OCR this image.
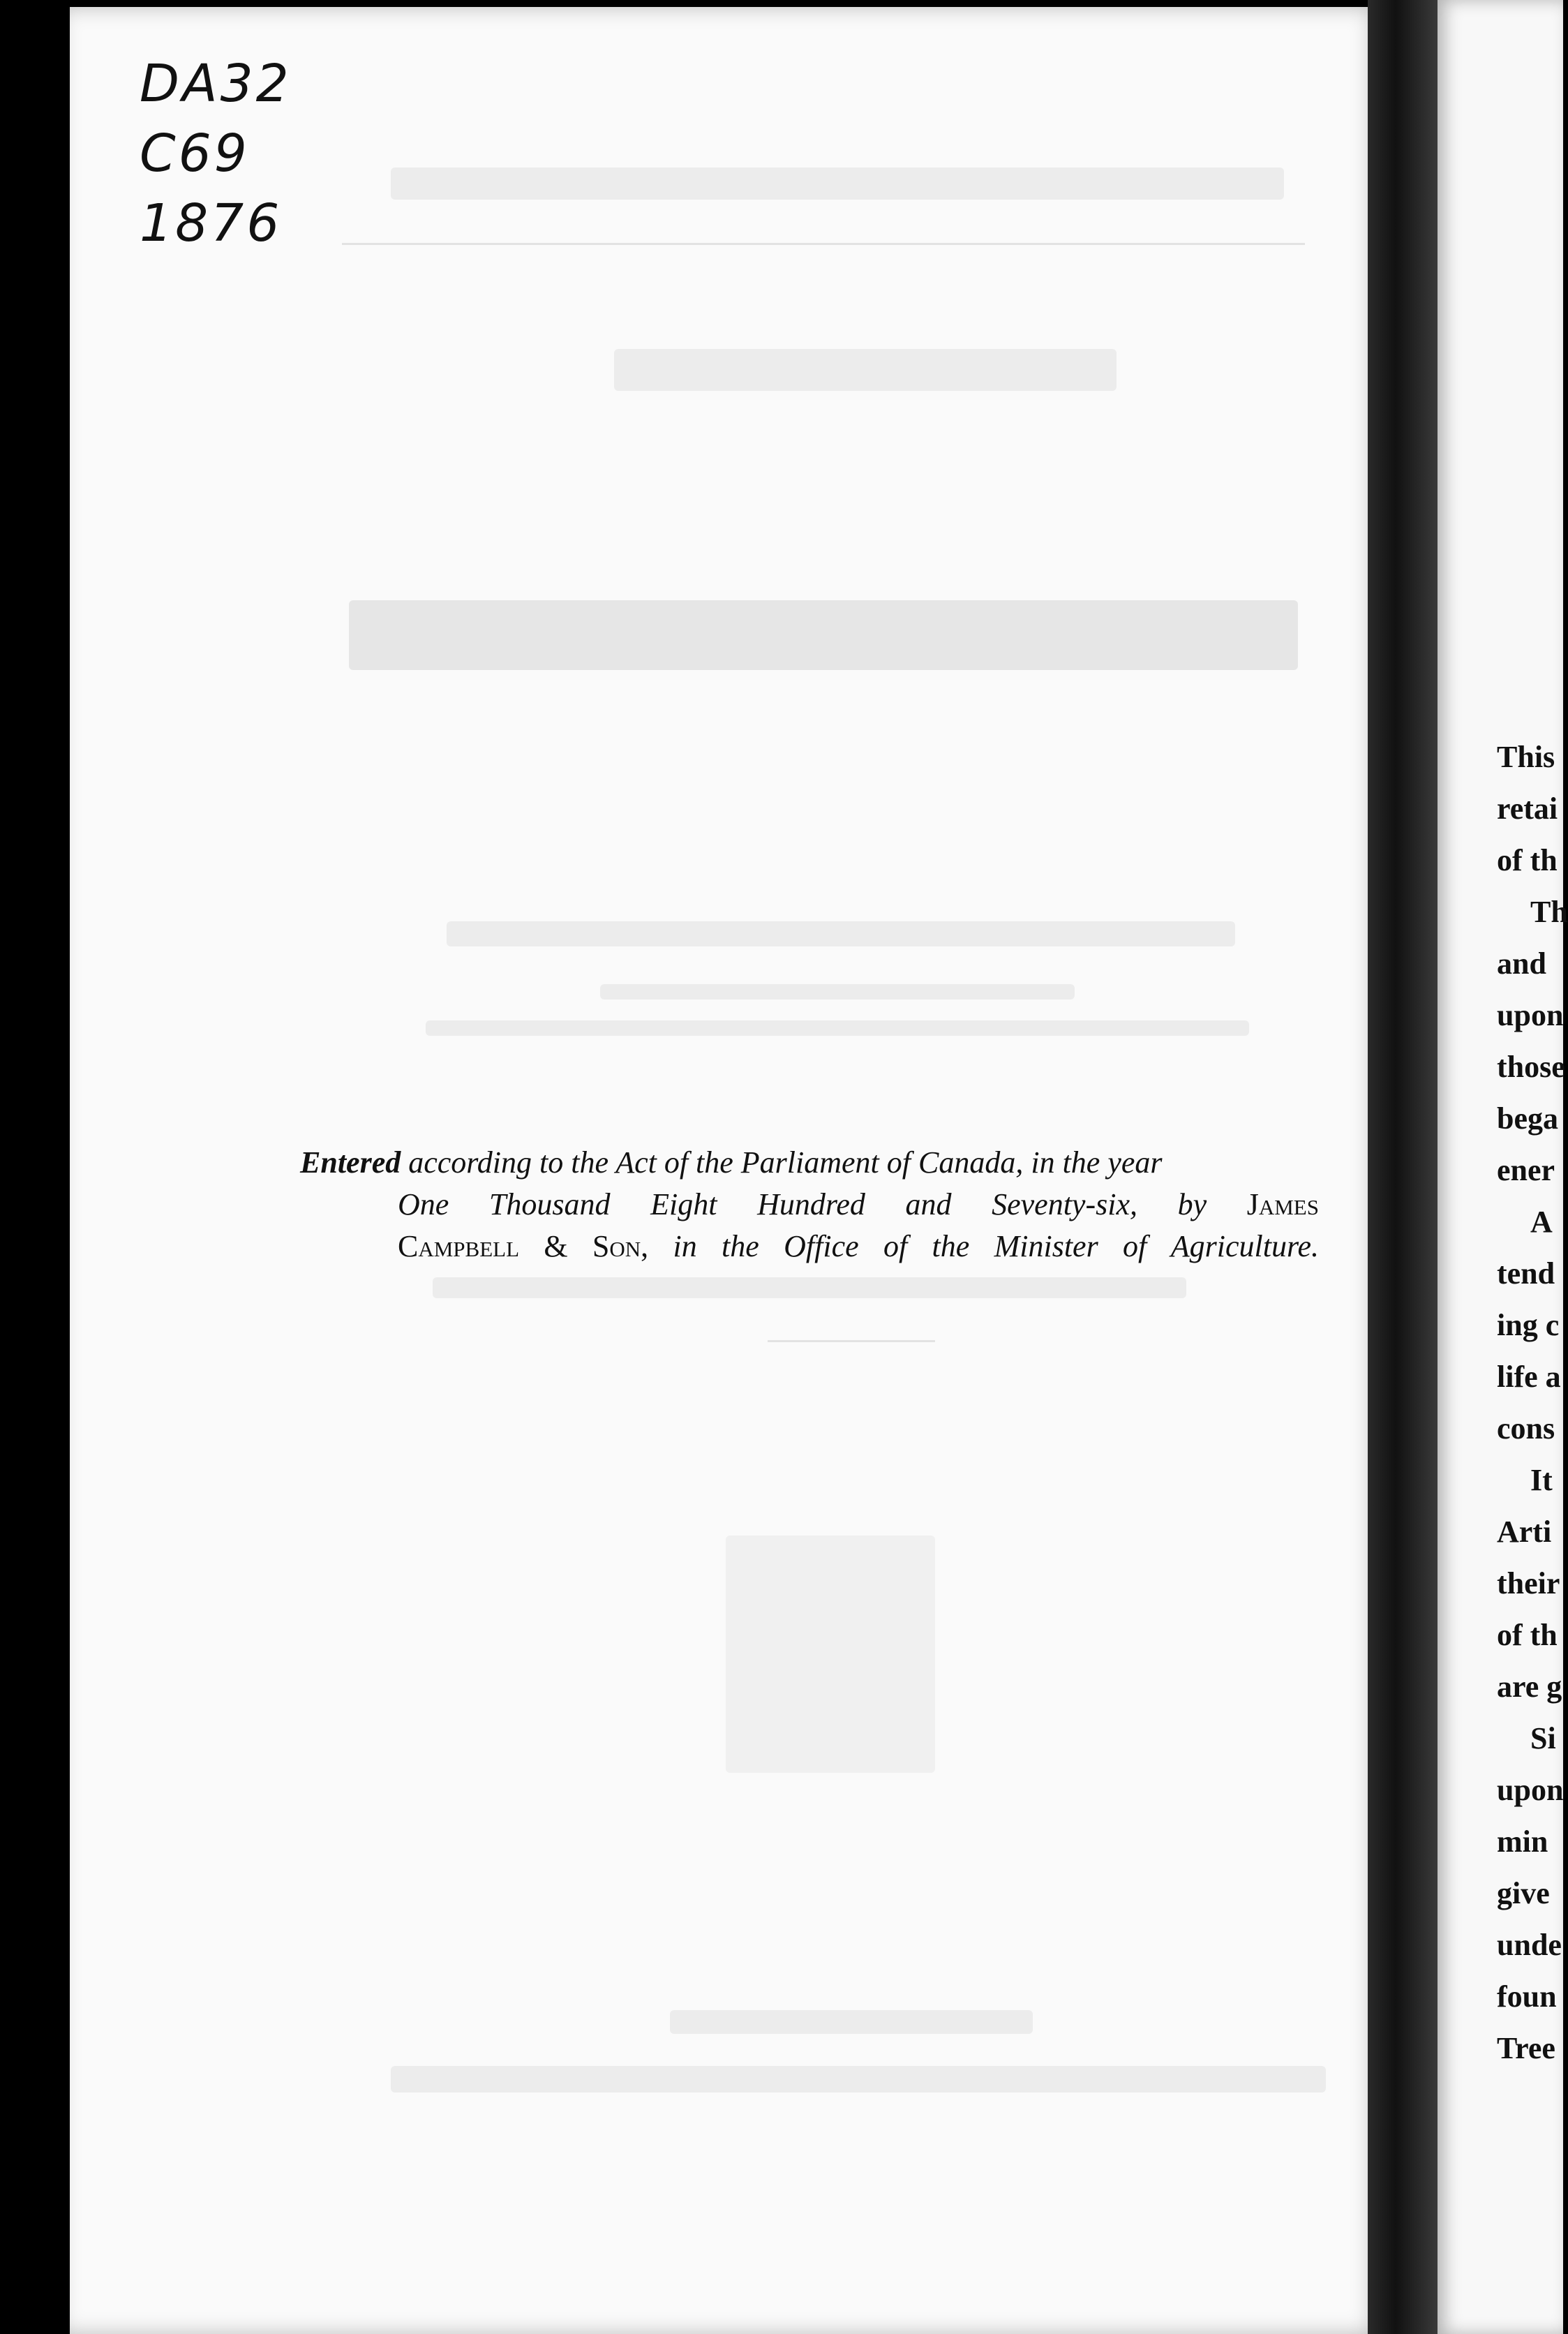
DA32
C69
1876
Entered according to the Act of the Parliament of Canada, in the year
One Thousand Eight Hundred and Seventy-six, by James
Campbell & Son, in the Office of the Minister of Agriculture.
This
retai
of th
Th
and
upon
those
bega
ener
A
tend
ing c
life a
cons
It
Arti
their
of th
are g
Si
upon
min
give
unde
foun
Tree
